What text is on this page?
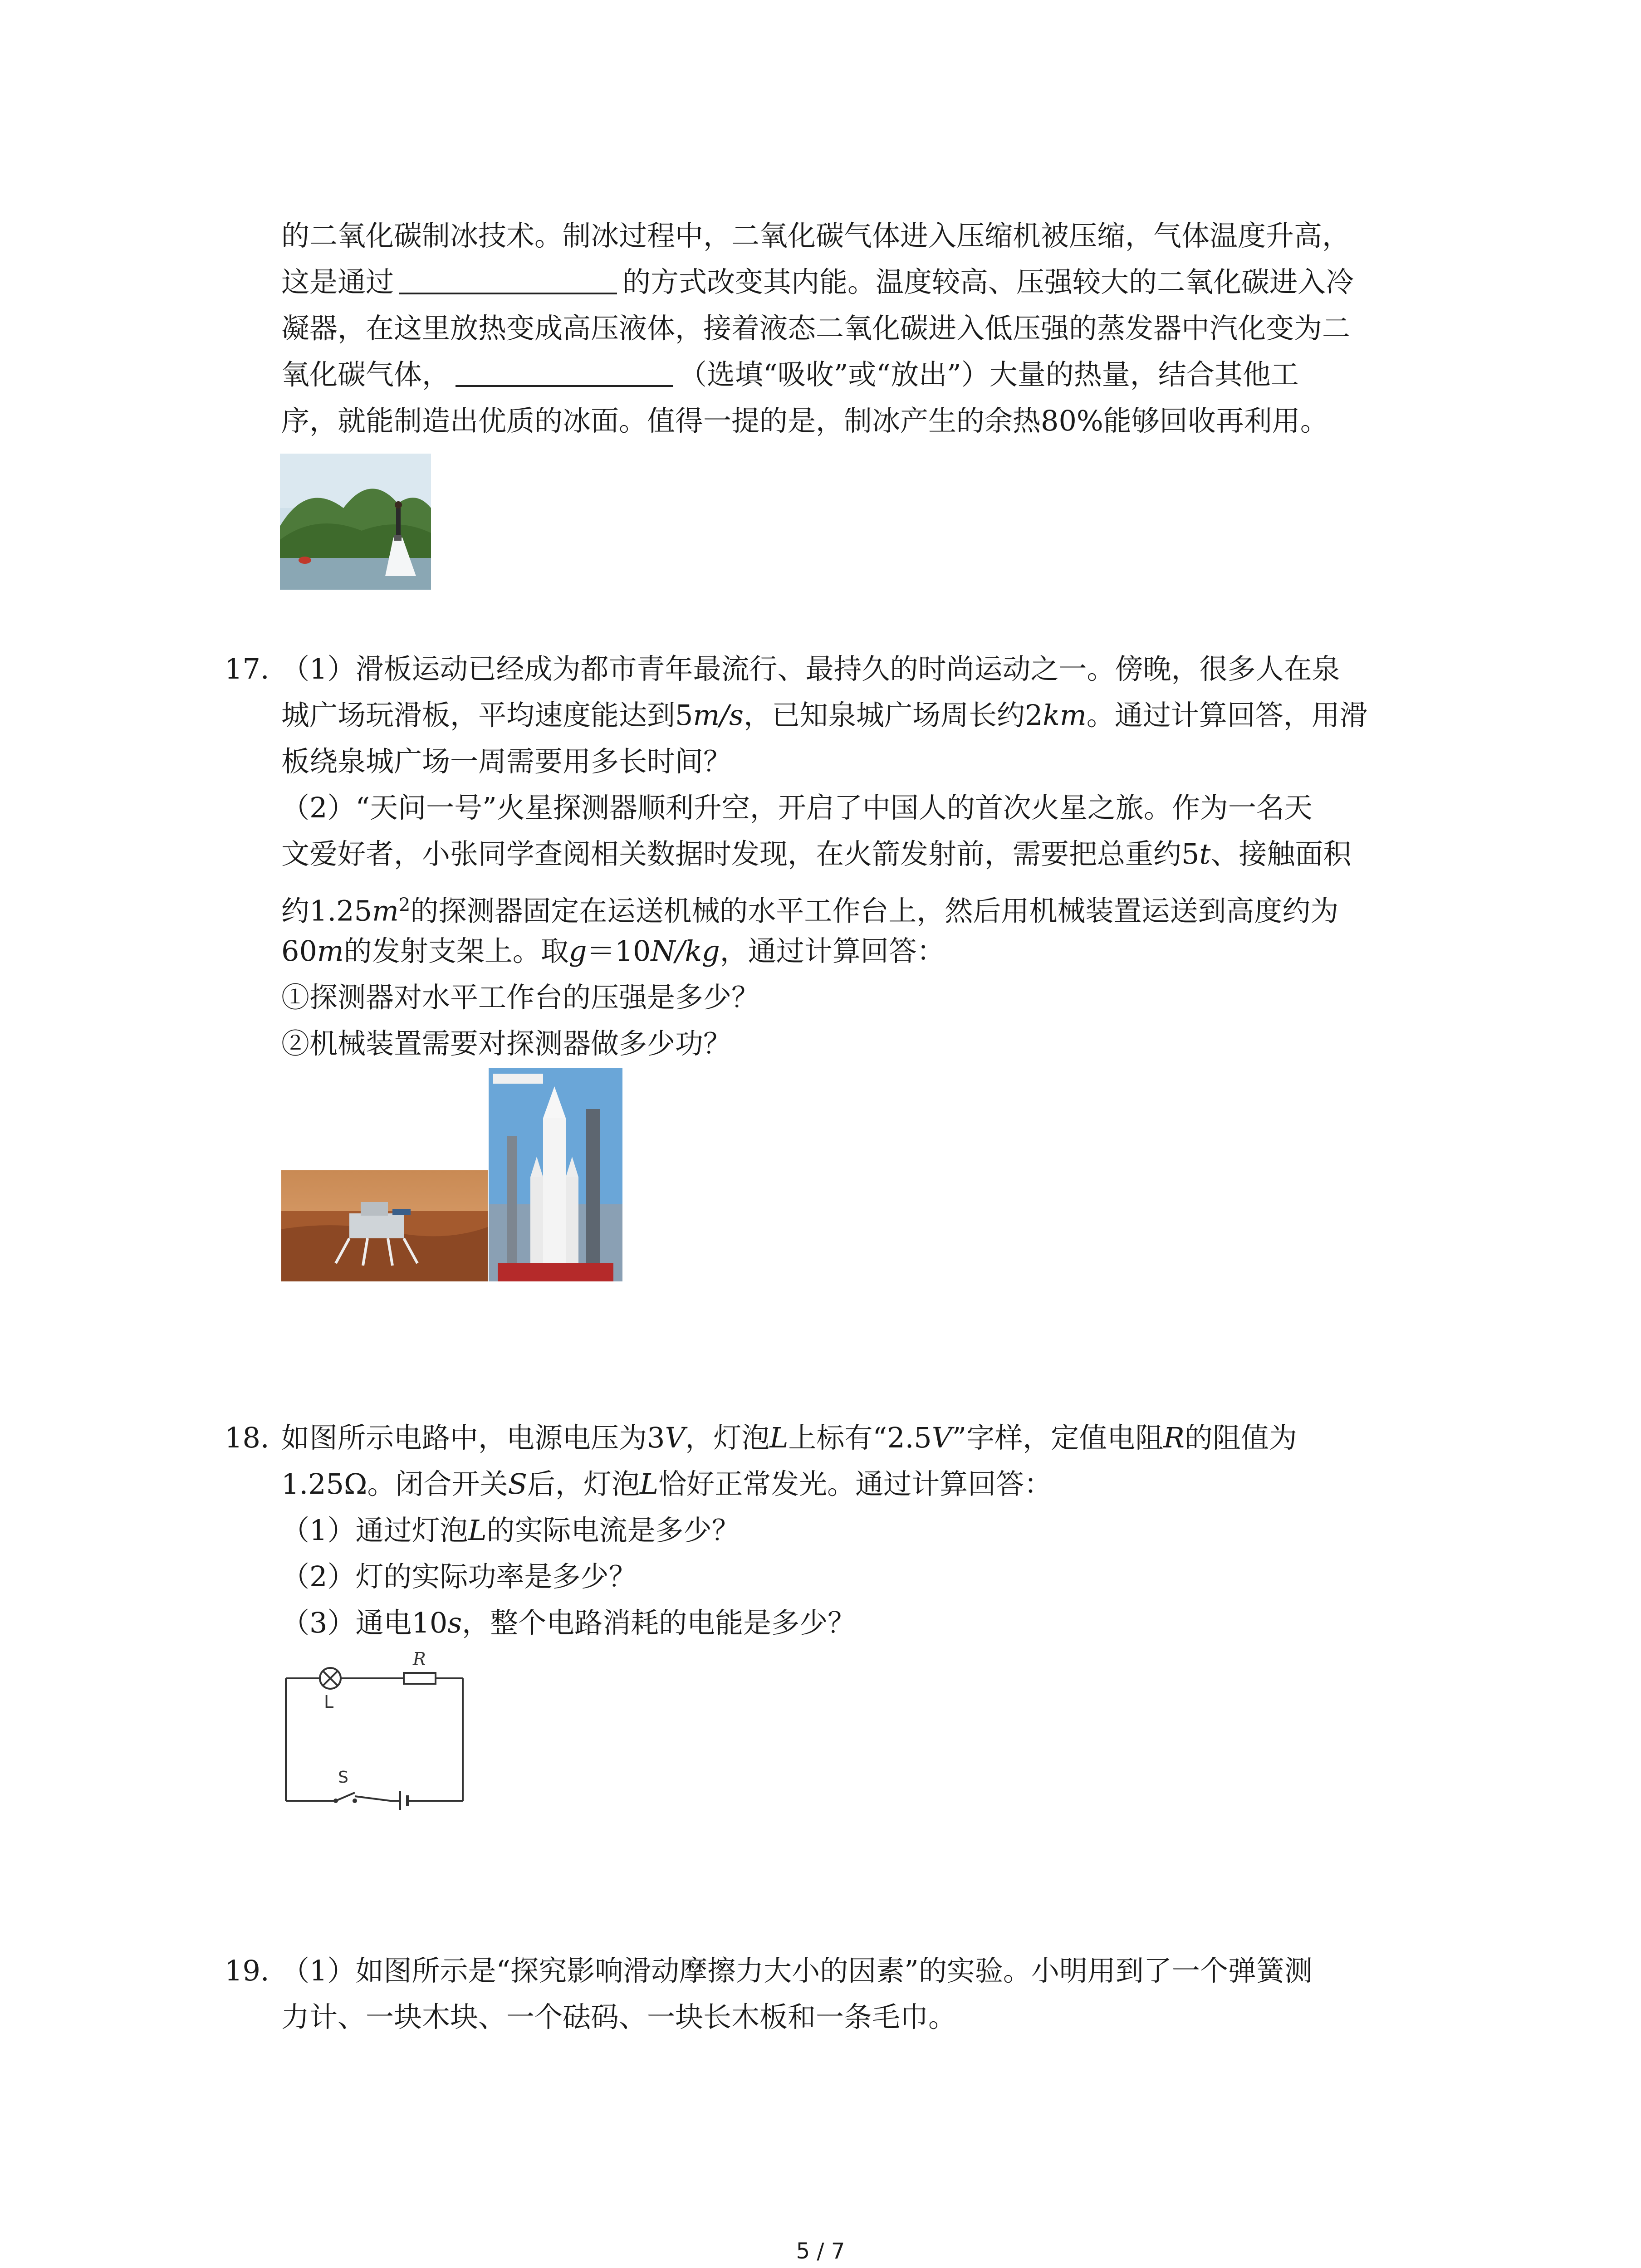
的二氧化碳制冰技术。制冰过程中，二氧化碳气体进入压缩机被压缩，气体温度升高，
这是通过	的方式改变其内能。温度较高、压强较大的二氧化碳进入冷
凝器，在这里放热变成高压液体，接着液态二氧化碳进入低压强的蒸发器中汽化变为二
氧化碳气体，	（选填“吸收”或“放出”）大量的热量，结合其他工
序，就能制造出优质的冰面。值得一提的是，制冰产生的余热80%能够回收再利用。
17. （1）滑板运动已经成为都市青年最流行、最持久的时尚运动之一。傍晚，很多人在泉
城广场玩滑板，平均速度能达到5m/s，已知泉城广场周长约2km。通过计算回答，用滑
板绕泉城广场一周需要用多长时间？
（2）“天问一号”火星探测器顺利升空，开启了中国人的首次火星之旅。作为一名天
文爱好者，小张同学查阅相关数据时发现，在火箭发射前，需要把总重约5t、接触面积
约$1.25m^2$的探测器固定在运送机械的水平工作台上，然后用机械装置运送到高度约为
60m的发射支架上。取g＝10N/kg，通过计算回答：
①探测器对水平工作台的压强是多少？
②机械装置需要对探测器做多少功？
18. 如图所示电路中，电源电压为3V，灯泡L上标有“2.5V”字样，定值电阻R的阻值为
1.25Ω。闭合开关S后，灯泡L恰好正常发光。通过计算回答：
（1）通过灯泡L的实际电流是多少？
（2）灯的实际功率是多少？
（3）通电10s，整个电路消耗的电能是多少？
L
R
S
19. （1）如图所示是“探究影响滑动摩擦力大小的因素”的实验。小明用到了一个弹簧测
力计、一块木块、一个砝码、一块长木板和一条毛巾。
5 / 7
